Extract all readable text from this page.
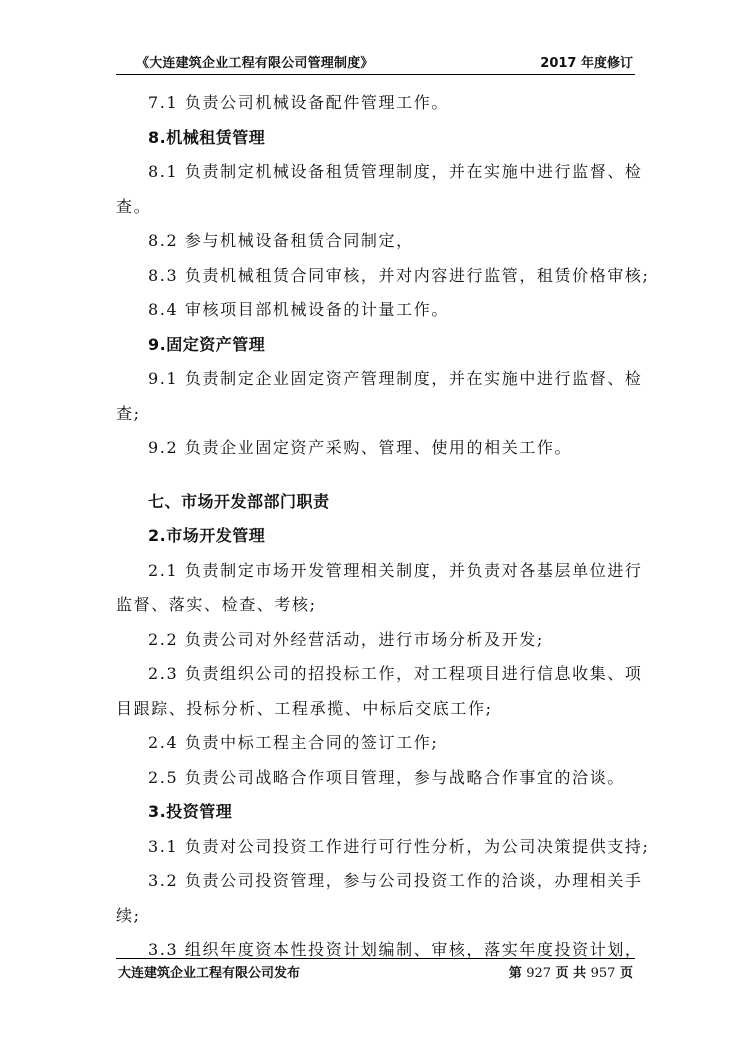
《大连建筑企业工程有限公司管理制度》	2017 年度修订

7.1 负责公司机械设备配件管理工作。

8.机械租赁管理

8.1 负责制定机械设备租赁管理制度，并在实施中进行监督、检

查。

8.2 参与机械设备租赁合同制定，

8.3 负责机械租赁合同审核，并对内容进行监管，租赁价格审核;

8.4 审核项目部机械设备的计量工作。

9.固定资产管理

9.1 负责制定企业固定资产管理制度，并在实施中进行监督、检

查;

9.2 负责企业固定资产采购、管理、使用的相关工作。

七、市场开发部部门职责

2.市场开发管理

2.1 负责制定市场开发管理相关制度，并负责对各基层单位进行

监督、落实、检查、考核;

2.2 负责公司对外经营活动，进行市场分析及开发;

2.3 负责组织公司的招投标工作，对工程项目进行信息收集、项

目跟踪、投标分析、工程承揽、中标后交底工作;

2.4 负责中标工程主合同的签订工作;

2.5 负责公司战略合作项目管理，参与战略合作事宜的洽谈。

3.投资管理

3.1 负责对公司投资工作进行可行性分析，为公司决策提供支持;

3.2 负责公司投资管理，参与公司投资工作的洽谈，办理相关手

续;

3.3 组织年度资本性投资计划编制、审核，落实年度投资计划，

大连建筑企业工程有限公司发布	第 927 页 共 957 页
